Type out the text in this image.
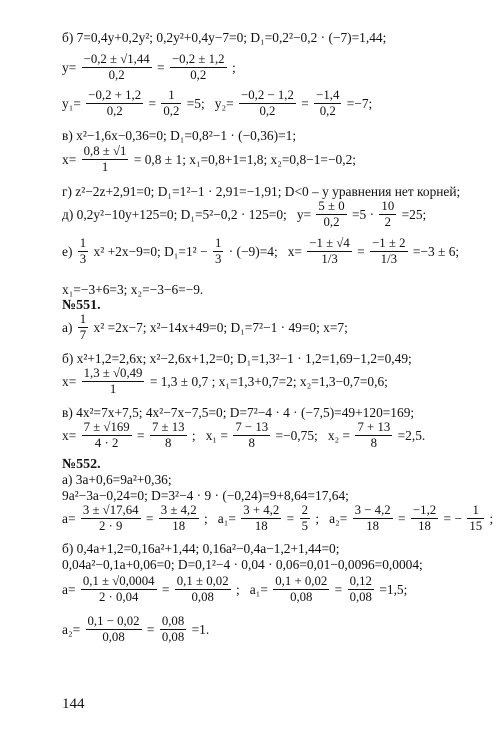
б) 7=0,4y+0,2y²; 0,2y²+0,4y−7=0; D₁=0,2²−0,2 · (−7)=1,44;
$y= \frac{-0,2 \pm √1,44}{0,2} = \frac{-0,2 \pm 1,2}{0,2}$ ;
$y_1= \frac{-0,2 + 1,2}{0,2} = \frac{1}{0,2} =5$; $y_2= \frac{-0,2 - 1,2}{0,2} = \frac{-1,4}{0,2} =-7$;
в) x²−1,6x−0,36=0; D₁=0,8²−1 · (−0,36)=1;
$x= \frac{0,8 \pm √1}{1} = 0,8 \pm 1$; x₁=0,8+1=1,8; x₂=0,8−1=−0,2;
г) z²−2z+2,91=0; D₁=1²−1 · 2,91=−1,91; D<0 – у уравнения нет корней;
д) 0,2y²−10y+125=0; D₁=5²−0,2 · 125=0; $y= \frac{5 \pm 0}{0,2} =5 \cdot \frac{10}{2} =25$;
$е) \frac{1}{3} x^2 +2x-9=0$; $D_1=1^2 - \frac{1}{3} \cdot (-9)=4$; $x= \frac{-1 \pm √4}{1/3} = \frac{-1 \pm 2}{1/3} =-3 \pm 6$;
x₁=−3+6=3; x₂=−3−6=−9.
№551.
$а) \frac{1}{7} x^2 =2x-7$; x²−14x+49=0; D₁=7²−1 · 49=0; x=7;
б) x²+1,2=2,6x; x²−2,6x+1,2=0; D₁=1,3²−1 · 1,2=1,69−1,2=0,49;
$x= \frac{1,3 \pm √0,49}{1} = 1,3 \pm 0,7$ ; x₁=1,3+0,7=2; x₂=1,3−0,7=0,6;
в) 4x²=7x+7,5; 4x²−7x−7,5=0; D=7²−4 · 4 · (−7,5)=49+120=169;
$x= \frac{7 \pm √169}{4 \cdot 2} = \frac{7 \pm 13}{8}$ ; $x_1 = \frac{7 - 13}{8} =-0,75$; $x_2 = \frac{7 + 13}{8} =2,5$.
№552.
а) 3a+0,6=9a²+0,36;
9a²−3a−0,24=0; D=3²−4 · 9 · (−0,24)=9+8,64=17,64;
$a= \frac{3 \pm √17,64}{2 \cdot 9} = \frac{3 \pm 4,2}{18}$ ; $a_1= \frac{3 + 4,2}{18} = \frac{2}{5}$ ; $a_2= \frac{3 - 4,2}{18} = \frac{-1,2}{18}$ = − $\frac{1}{15}$ ;
б) 0,4a+1,2=0,16a²+1,44; 0,16a²−0,4a−1,2+1,44=0;
0,04a²−0,1a+0,06=0; D=0,1²−4 · 0,04 · 0,06=0,01−0,0096=0,0004;
$a= \frac{0,1 \pm √0,0004}{2 \cdot 0,04} = \frac{0,1 \pm 0,02}{0,08}$ ; $a_1= \frac{0,1 + 0,02}{0,08} = \frac{0,12}{0,08} =1,5$;
$a_2= \frac{0,1 - 0,02}{0,08} = \frac{0,08}{0,08} =1$.
144
